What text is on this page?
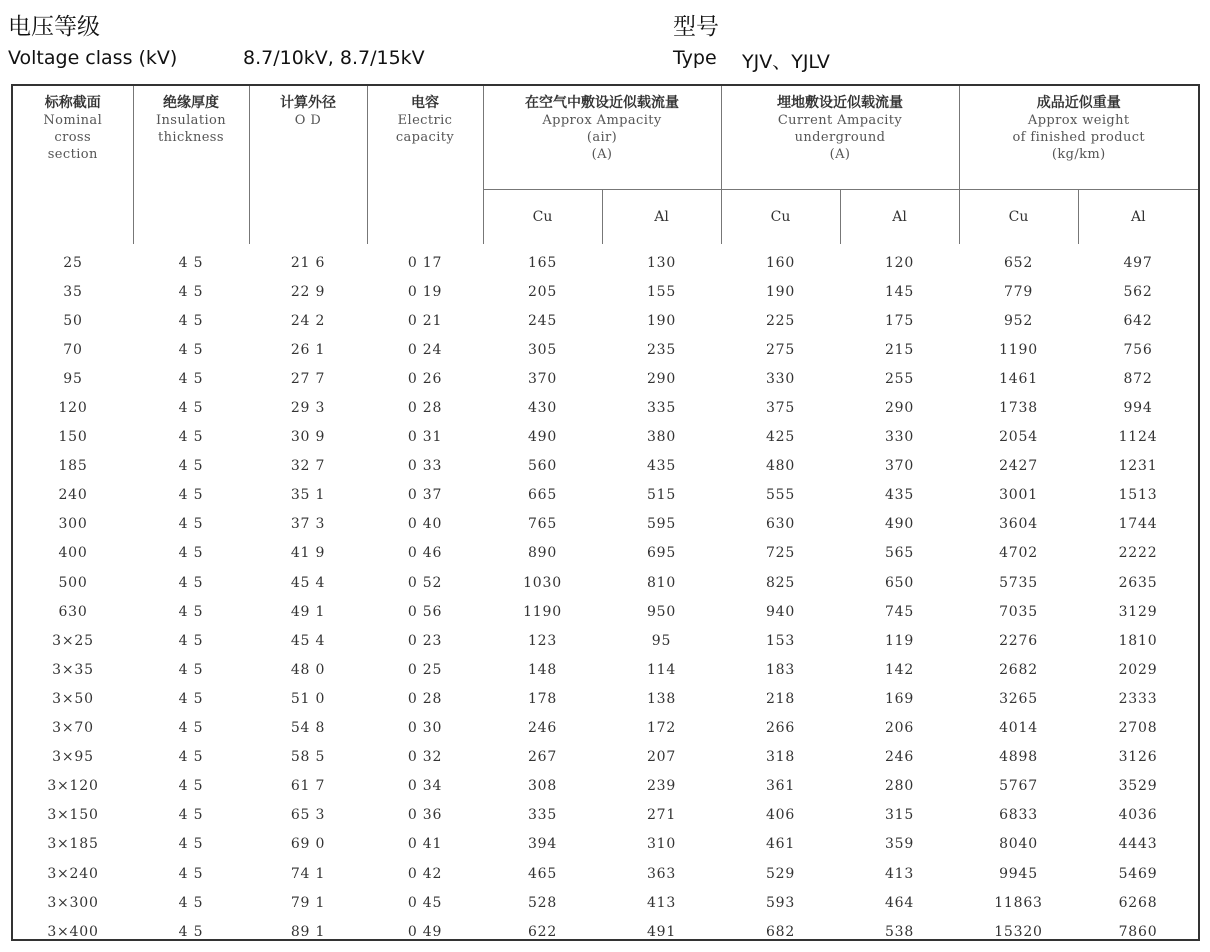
电压等级
Voltage class (kV)	8.7/10kV, 8.7/15kV
型号
Type YJV、YJLV
标称截面
Nominal
cross
section	绝缘厚度
Insulation
thickness	计算外径
O D	电容
Electric
capacity	在空气中敷设近似载流量
Approx Ampacity
(air)
(A)		埋地敷设近似载流量
Current Ampacity
underground
(A)		成品近似重量
Approx weight
of finished product
(kg/km)	

				Cu	Al	Cu	Al	Cu	Al
25	4 5	21 6	0 17	165	130	160	120	652	497
35	4 5	22 9	0 19	205	155	190	145	779	562
50	4 5	24 2	0 21	245	190	225	175	952	642
70	4 5	26 1	0 24	305	235	275	215	1190	756
95	4 5	27 7	0 26	370	290	330	255	1461	872
120	4 5	29 3	0 28	430	335	375	290	1738	994
150	4 5	30 9	0 31	490	380	425	330	2054	1124
185	4 5	32 7	0 33	560	435	480	370	2427	1231
240	4 5	35 1	0 37	665	515	555	435	3001	1513
300	4 5	37 3	0 40	765	595	630	490	3604	1744
400	4 5	41 9	0 46	890	695	725	565	4702	2222
500	4 5	45 4	0 52	1030	810	825	650	5735	2635
630	4 5	49 1	0 56	1190	950	940	745	7035	3129
3×25	4 5	45 4	0 23	123	95	153	119	2276	1810
3×35	4 5	48 0	0 25	148	114	183	142	2682	2029
3×50	4 5	51 0	0 28	178	138	218	169	3265	2333
3×70	4 5	54 8	0 30	246	172	266	206	4014	2708
3×95	4 5	58 5	0 32	267	207	318	246	4898	3126
3×120	4 5	61 7	0 34	308	239	361	280	5767	3529
3×150	4 5	65 3	0 36	335	271	406	315	6833	4036
3×185	4 5	69 0	0 41	394	310	461	359	8040	4443
3×240	4 5	74 1	0 42	465	363	529	413	9945	5469
3×300	4 5	79 1	0 45	528	413	593	464	11863	6268
3×400	4 5	89 1	0 49	622	491	682	538	15320	7860
